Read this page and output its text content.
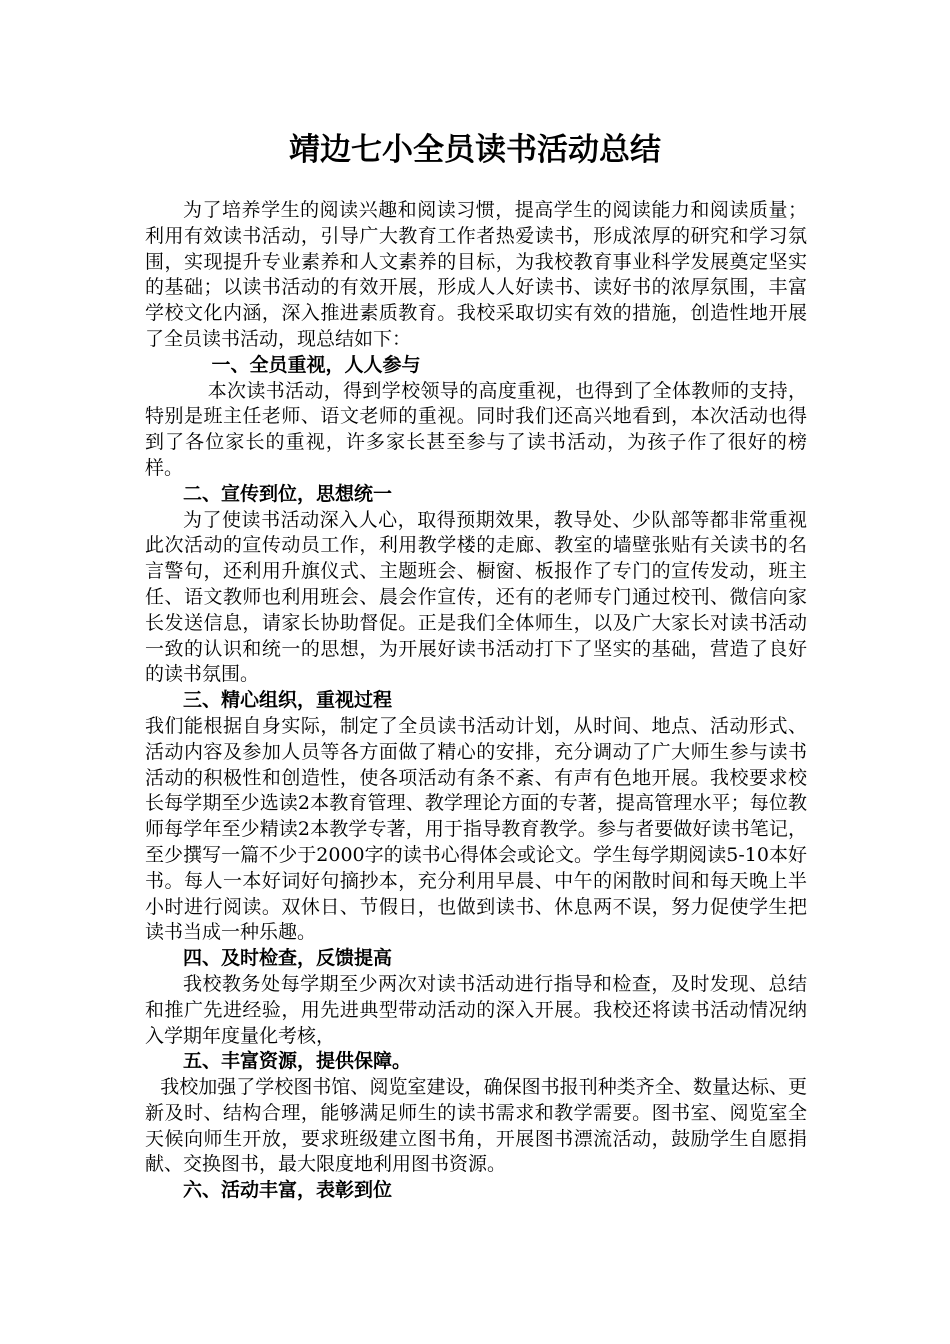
靖边七小全员读书活动总结

为了培养学生的阅读兴趣和阅读习惯，提高学生的阅读能力和阅读质量；利用有效读书活动，引导广大教育工作者热爱读书，形成浓厚的研究和学习氛围，实现提升专业素养和人文素养的目标，为我校教育事业科学发展奠定坚实的基础；以读书活动的有效开展，形成人人好读书、读好书的浓厚氛围，丰富学校文化内涵，深入推进素质教育。我校采取切实有效的措施，创造性地开展了全员读书活动，现总结如下：

一、全员重视，人人参与

本次读书活动，得到学校领导的高度重视，也得到了全体教师的支持，特别是班主任老师、语文老师的重视。同时我们还高兴地看到，本次活动也得到了各位家长的重视，许多家长甚至参与了读书活动，为孩子作了很好的榜样。

二、宣传到位，思想统一

为了使读书活动深入人心，取得预期效果，教导处、少队部等都非常重视此次活动的宣传动员工作，利用教学楼的走廊、教室的墙壁张贴有关读书的名言警句，还利用升旗仪式、主题班会、橱窗、板报作了专门的宣传发动，班主任、语文教师也利用班会、晨会作宣传，还有的老师专门通过校刊、微信向家长发送信息，请家长协助督促。正是我们全体师生，以及广大家长对读书活动一致的认识和统一的思想，为开展好读书活动打下了坚实的基础，营造了良好的读书氛围。

三、精心组织，重视过程

我们能根据自身实际，制定了全员读书活动计划，从时间、地点、活动形式、活动内容及参加人员等各方面做了精心的安排，充分调动了广大师生参与读书活动的积极性和创造性，使各项活动有条不紊、有声有色地开展。我校要求校长每学期至少选读2本教育管理、教学理论方面的专著，提高管理水平；每位教师每学年至少精读2本教学专著，用于指导教育教学。参与者要做好读书笔记，至少撰写一篇不少于2000字的读书心得体会或论文。学生每学期阅读5-10本好书。每人一本好词好句摘抄本，充分利用早晨、中午的闲散时间和每天晚上半小时进行阅读。双休日、节假日，也做到读书、休息两不误，努力促使学生把读书当成一种乐趣。

四、及时检查，反馈提高

我校教务处每学期至少两次对读书活动进行指导和检查，及时发现、总结和推广先进经验，用先进典型带动活动的深入开展。我校还将读书活动情况纳入学期年度量化考核，

五、丰富资源，提供保障。

我校加强了学校图书馆、阅览室建设，确保图书报刊种类齐全、数量达标、更新及时、结构合理，能够满足师生的读书需求和教学需要。图书室、阅览室全天候向师生开放，要求班级建立图书角，开展图书漂流活动，鼓励学生自愿捐献、交换图书，最大限度地利用图书资源。

六、活动丰富，表彰到位
